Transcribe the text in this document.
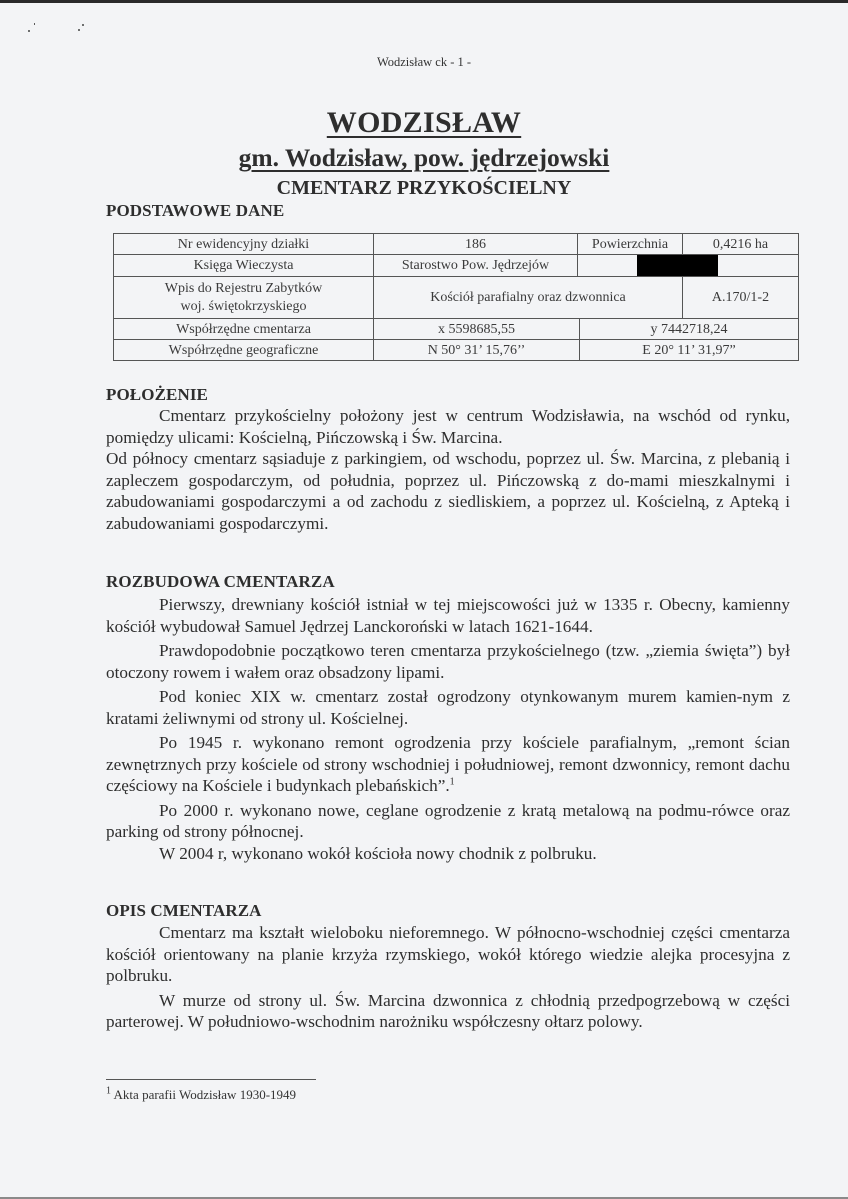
Wodzisław ck - 1 -
WODZISŁAW
gm. Wodzisław, pow. jędrzejowski
CMENTARZ PRZYKOŚCIELNY
PODSTAWOWE DANE
Nr ewidencyjny działki	186	Powierzchnia		0,4216 ha
Księga Wieczysta	Starostwo Pow. Jędrzejów			

Wpis do Rejestru Zabytków
woj. świętokrzyskiego	Kościół parafialny oraz dzwonnica			A.170/1-2
Współrzędne cmentarza	x 5598685,55		y 7442718,24	
Współrzędne geograficzne	N 50° 31’ 15,76’’		E 20° 11’ 31,97”	
POŁOŻENIE

Cmentarz przykościelny położony jest w centrum Wodzisławia, na wschód od rynku, pomiędzy ulicami: Kościelną, Pińczowską i Św. Marcina.

Od północy cmentarz sąsiaduje z parkingiem, od wschodu, poprzez ul. Św. Marcina, z plebanią i zapleczem gospodarczym, od południa, poprzez ul. Pińczowską z do-mami mieszkalnymi i zabudowaniami gospodarczymi a od zachodu z siedliskiem, a poprzez ul. Kościelną, z Apteką i zabudowaniami gospodarczymi.

ROZBUDOWA CMENTARZA

Pierwszy, drewniany kościół istniał w tej miejscowości już w 1335 r. Obecny, kamienny kościół wybudował Samuel Jędrzej Lanckoroński w latach 1621-1644.

Prawdopodobnie początkowo teren cmentarza przykościelnego (tzw. „ziemia święta”) był otoczony rowem i wałem oraz obsadzony lipami.

Pod koniec XIX w. cmentarz został ogrodzony otynkowanym murem kamien-nym z kratami żeliwnymi od strony ul. Kościelnej.

Po 1945 r. wykonano remont ogrodzenia przy kościele parafialnym, „remont ścian zewnętrznych przy kościele od strony wschodniej i południowej, remont dzwonnicy, remont dachu częściowy na Kościele i budynkach plebańskich”.$^1$

Po 2000 r. wykonano nowe, ceglane ogrodzenie z kratą metalową na podmu-rówce oraz parking od strony północnej.

W 2004 r, wykonano wokół kościoła nowy chodnik z polbruku.

OPIS CMENTARZA

Cmentarz ma kształt wieloboku nieforemnego. W północno-wschodniej części cmentarza kościół orientowany na planie krzyża rzymskiego, wokół którego wiedzie alejka procesyjna z polbruku.

W murze od strony ul. Św. Marcina dzwonnica z chłodnią przedpogrzebową w części parterowej. W południowo-wschodnim narożniku współczesny ołtarz polowy.

$^1$ Akta parafii Wodzisław 1930-1949
